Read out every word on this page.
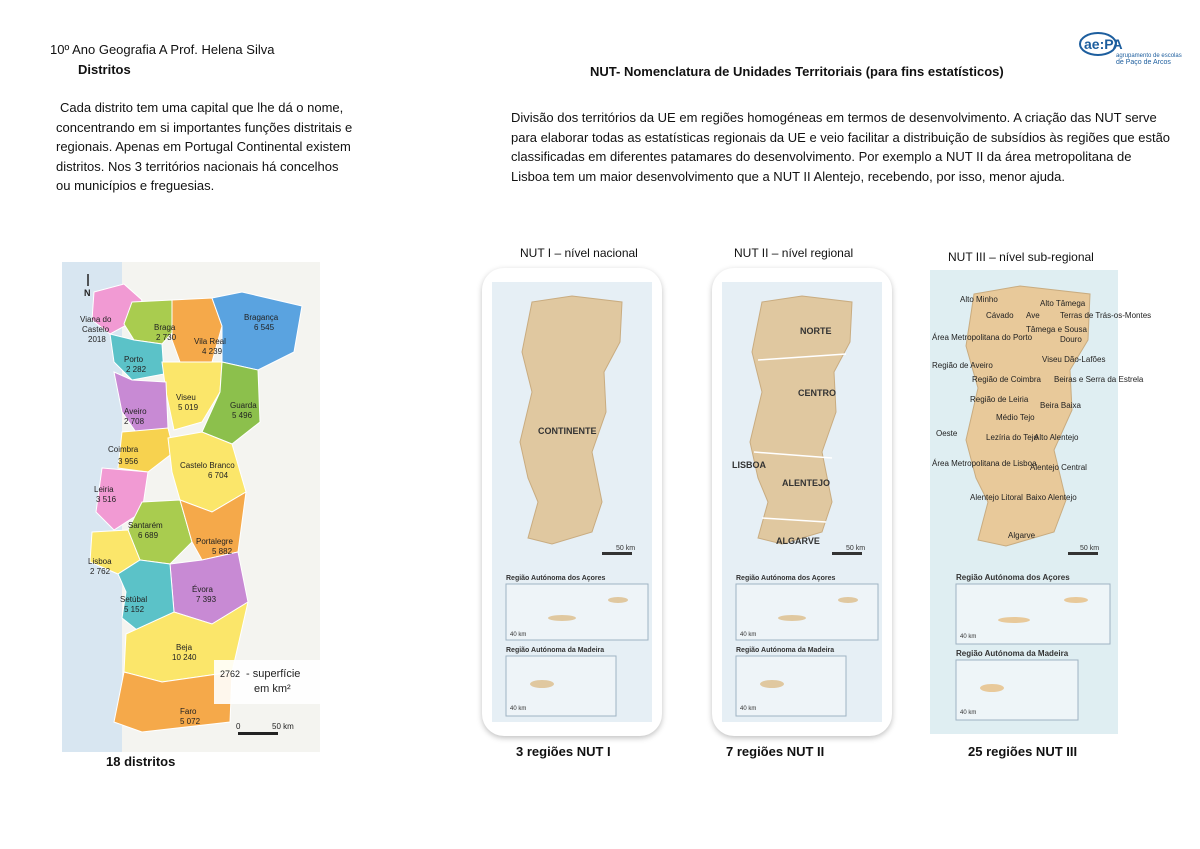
10º Ano Geografia A Prof. Helena Silva
Distritos	NUT- Nomenclatura de Unidades Territoriais (para fins estatísticos)
ae:PA
agrupamento de escolas
de Paço de Arcos
Cada distrito tem uma capital que lhe dá o nome, concentrando em si importantes funções distritais e regionais. Apenas em Portugal Continental existem distritos. Nos 3 territórios nacionais há concelhos ou municípios e freguesias.
Divisão dos territórios da UE em regiões homogéneas em termos de desenvolvimento. A criação das NUT serve para elaborar todas as estatísticas regionais da UE e veio facilitar a distribuição de subsídios às regiões que estão classificadas em diferentes patamares do desenvolvimento. Por exemplo a NUT II da área metropolitana de Lisboa tem um maior desenvolvimento que a NUT II Alentejo, recebendo, por isso, menor ajuda.
N
Viana do
Castelo
2018
Braga
2 730 Vila Real
4 239
Bragança
6 545
Porto
2 282
Viseu
5 019	Guarda
5 496
Aveiro
2 708
Coimbra
3 956	Castelo Branco
6 704
Leiria
3 516
Santarém
6 689
Portalegre
5 882
Lisboa
2 762
Évora
7 393
Setúbal
5 152
Beja
10 240
Faro
5 072
2762 - superfície
em km²
0	50 km
18 distritos
NUT I – nível nacional
CONTINENTE
50 km
Região Autónoma dos Açores
40 km
Região Autónoma da Madeira
40 km
3 regiões NUT I
NUT II – nível regional
NORTE
CENTRO
LISBOA
ALENTEJO
ALGARVE
50 km
Região Autónoma dos Açores
40 km
Região Autónoma da Madeira
40 km
7 regiões NUT II
NUT III – nível sub-regional
Alto Minho
Cávado Ave
Alto Tâmega
Terras de Trás-os-Montes
Área Metropolitana do Porto
Tâmega e Sousa
Douro
Região de Aveiro
Viseu Dão-Lafões
Região de Coimbra Beiras e Serra da Estrela
Região de Leiria
Beira Baixa
Médio Tejo
Oeste	Lezíria do Tejo
Alto Alentejo
Área Metropolitana de Lisboa
Alentejo Central
Alentejo Litoral Baixo Alentejo
Algarve
50 km
Região Autónoma dos Açores
40 km
Região Autónoma da Madeira
40 km
25 regiões NUT III
